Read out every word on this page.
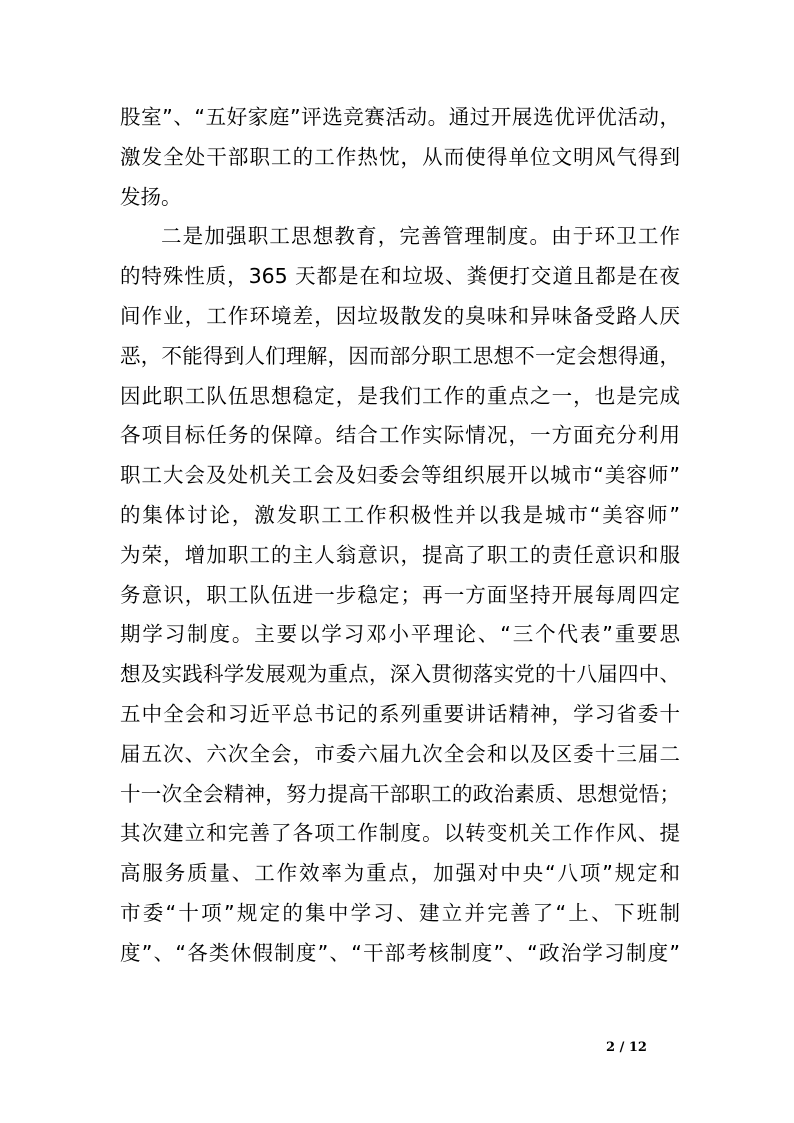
股室”、“五好家庭”评选竞赛活动。通过开展选优评优活动，
激发全处干部职工的工作热忱，从而使得单位文明风气得到
发扬。
二是加强职工思想教育，完善管理制度。由于环卫工作
的特殊性质，365 天都是在和垃圾、粪便打交道且都是在夜
间作业，工作环境差，因垃圾散发的臭味和异味备受路人厌
恶，不能得到人们理解，因而部分职工思想不一定会想得通，
因此职工队伍思想稳定，是我们工作的重点之一，也是完成
各项目标任务的保障。结合工作实际情况，一方面充分利用
职工大会及处机关工会及妇委会等组织展开以城市“美容师”
的集体讨论，激发职工工作积极性并以我是城市“美容师”
为荣，增加职工的主人翁意识，提高了职工的责任意识和服
务意识，职工队伍进一步稳定；再一方面坚持开展每周四定
期学习制度。主要以学习邓小平理论、“三个代表”重要思
想及实践科学发展观为重点，深入贯彻落实党的十八届四中、
五中全会和习近平总书记的系列重要讲话精神，学习省委十
届五次、六次全会，市委六届九次全会和以及区委十三届二
十一次全会精神，努力提高干部职工的政治素质、思想觉悟；
其次建立和完善了各项工作制度。以转变机关工作作风、提
高服务质量、工作效率为重点，加强对中央“八项”规定和
市委“十项”规定的集中学习、建立并完善了“上、下班制
度”、“各类休假制度”、“干部考核制度”、“政治学习制度”
2 / 12
